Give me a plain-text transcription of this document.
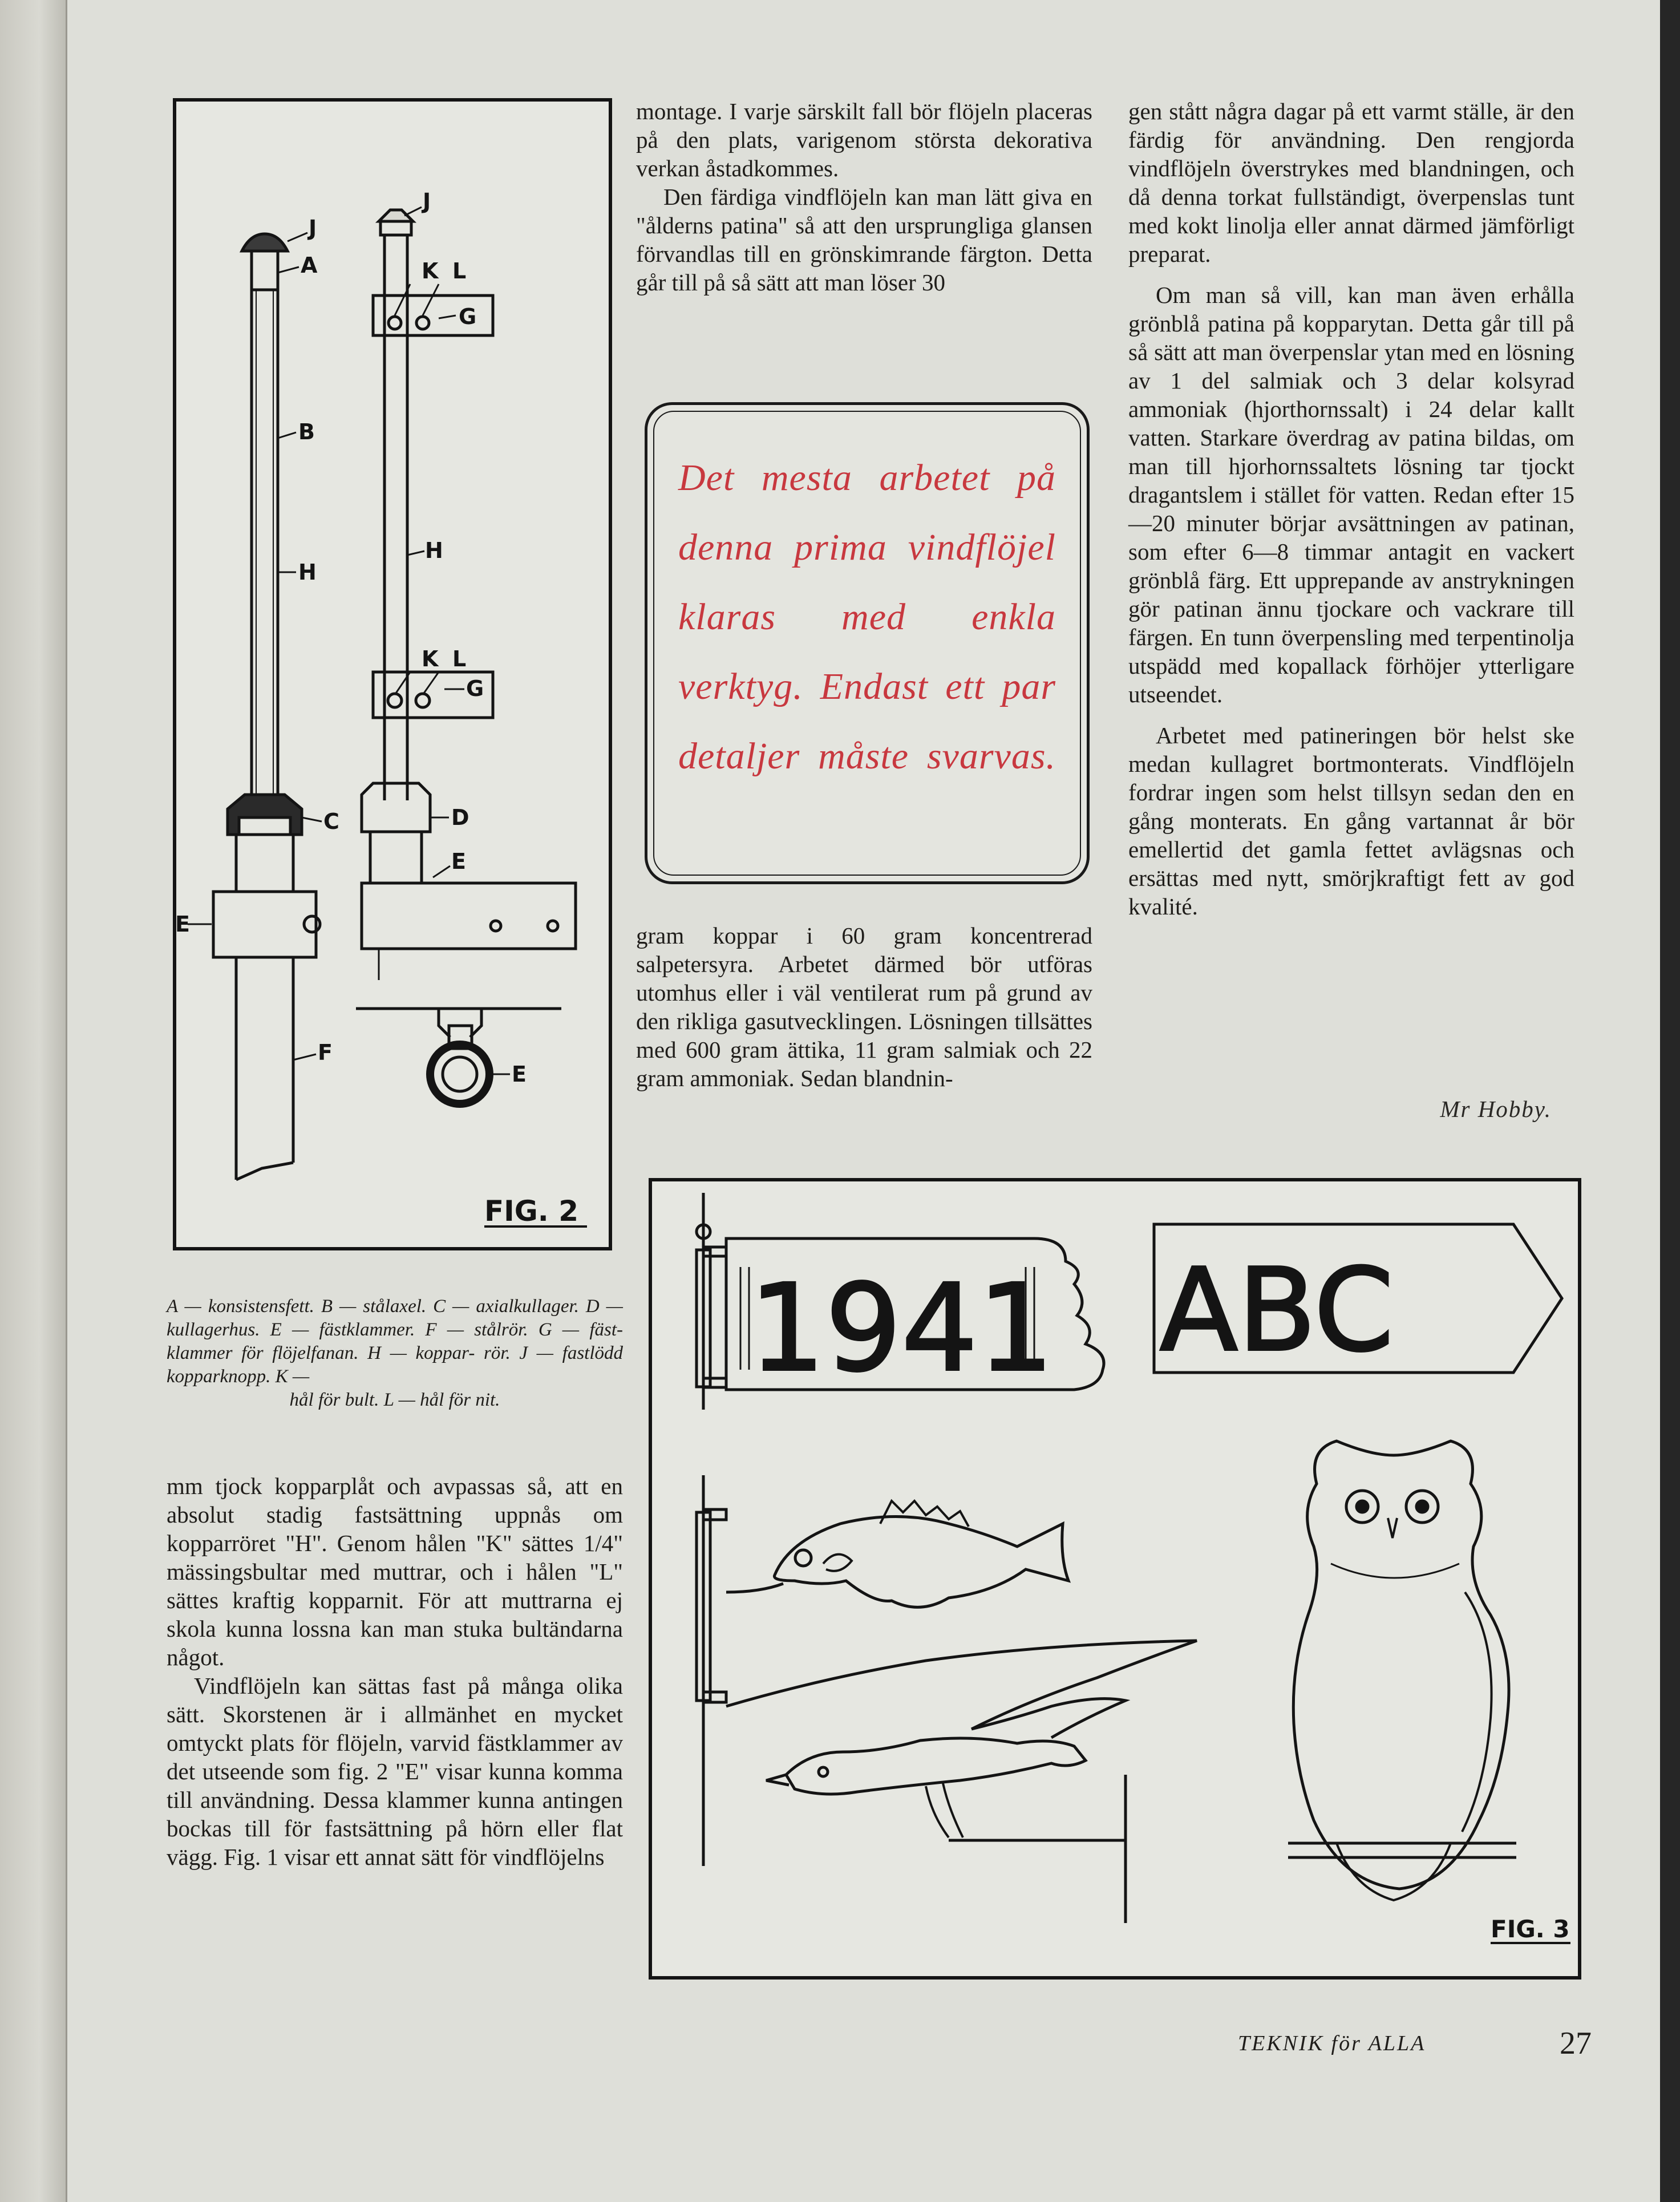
J
J
A	K L
G
B
H
H
K L
G
C	D
E
E
F
E
FIG. 2
A — konsistensfett. B — stålaxel. C — axialkullager. D — kullagerhus. E — fästklammer. F — stålrör. G — fäst- klammer för flöjelfanan. H — koppar- rör. J — fastlödd kopparknopp. K —
hål för bult. L — hål för nit.

montage. I varje särskilt fall bör flöjeln placeras på den plats, varigenom största dekorativa verkan åstadkommes.

Den färdiga vindflöjeln kan man lätt giva en "ålderns patina" så att den ursprungliga glansen förvandlas till en grönskimrande färgton. Detta går till på så sätt att man löser 30

Det mesta arbetet på denna prima vindflöjel klaras med enkla verktyg. Endast ett par detaljer måste svarvas.

gram koppar i 60 gram koncentrerad salpetersyra. Arbetet därmed bör utföras utomhus eller i väl ventilerat rum på grund av den rikliga gasutvecklingen. Lösningen tillsättes med 600 gram ättika, 11 gram salmiak och 22 gram ammoniak. Sedan blandnin-

gen stått några dagar på ett varmt ställe, är den färdig för användning. Den rengjorda vindflöjeln överstrykes med blandningen, och då denna torkat fullständigt, överpenslas tunt med kokt linolja eller annat därmed jämförligt preparat.

Om man så vill, kan man även erhålla grönblå patina på kopparytan. Detta går till på så sätt att man överpenslar ytan med en lösning av 1 del salmiak och 3 delar kolsyrad ammoniak (hjorthornssalt) i 24 delar kallt vatten. Starkare överdrag av patina bildas, om man till hjorhornssaltets lösning tar tjockt dragantslem i stället för vatten. Redan efter 15—20 minuter börjar avsättningen av patinan, som efter 6—8 timmar antagit en vackert grönblå färg. Ett upprepande av anstrykningen gör patinan ännu tjockare och vackrare till färgen. En tunn överpensling med terpentinolja utspädd med kopallack förhöjer ytterligare utseendet.

Arbetet med patineringen bör helst ske medan kullagret bortmonterats. Vindflöjeln fordrar ingen som helst tillsyn sedan den en gång monterats. En gång vartannat år bör emellertid det gamla fettet avlägsnas och ersättas med nytt, smörjkraftigt fett av god kvalité.

Mr Hobby.

mm tjock kopparplåt och avpassas så, att en absolut stadig fastsättning uppnås om kopparröret "H". Genom hålen "K" sättes 1/4" mässingsbultar med muttrar, och i hålen "L" sättes kraftig kopparnit. För att muttrarna ej skola kunna lossna kan man stuka bultändarna något.

Vindflöjeln kan sättas fast på många olika sätt. Skorstenen är i allmänhet en mycket omtyckt plats för flöjeln, varvid fästklammer av det utseende som fig. 2 "E" visar kunna komma till användning. Dessa klammer kunna antingen bockas till för fastsättning på hörn eller flat vägg. Fig. 1 visar ett annat sätt för vindflöjelns

1941 ABC
FIG. 3
TEKNIK för ALLA	27
